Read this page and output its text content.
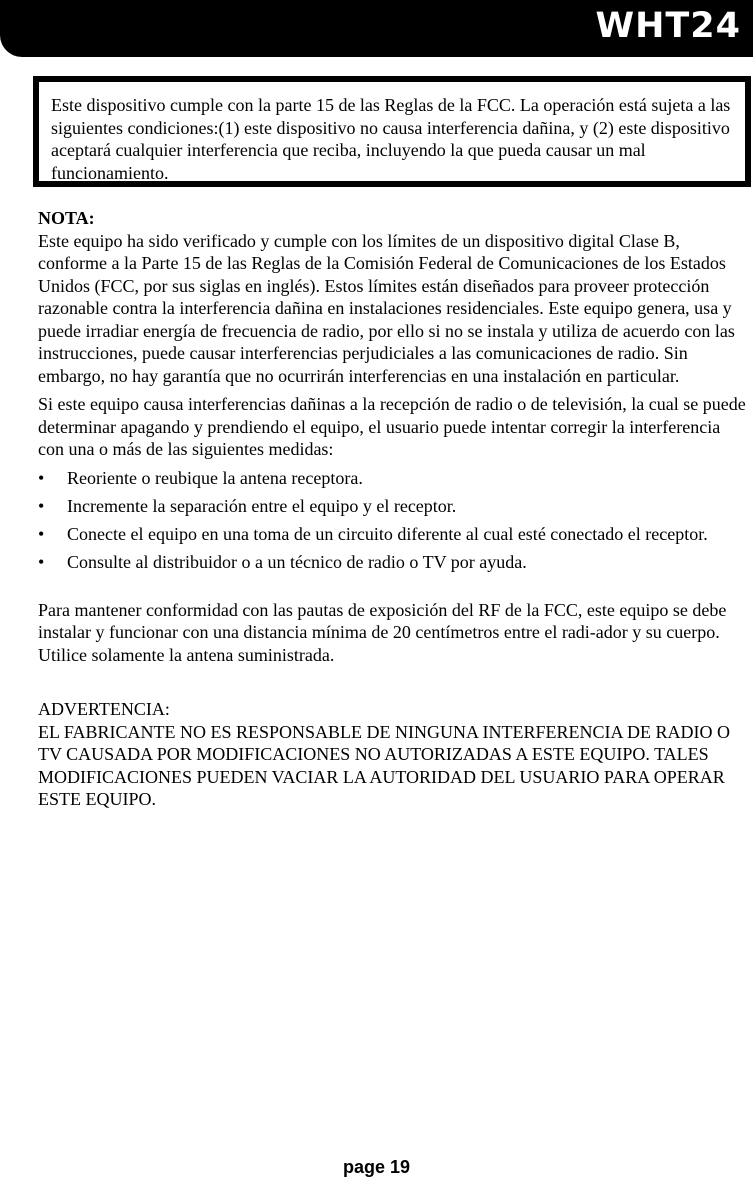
WHT24

Este dispositivo cumple con la parte 15 de las Reglas de la FCC. La operación está sujeta a las siguientes condiciones:(1) este dispositivo no causa interferencia dañina, y (2) este dispositivo aceptará cualquier interferencia que reciba, incluyendo la que pueda causar un mal funcionamiento.

NOTA:

Este equipo ha sido verificado y cumple con los límites de un dispositivo digital Clase B, conforme a la Parte 15 de las Reglas de la Comisión Federal de Comunicaciones de los Estados Unidos (FCC, por sus siglas en inglés). Estos límites están diseñados para proveer protección razonable contra la interferencia dañina en instalaciones residenciales. Este equipo genera, usa y puede irradiar energía de frecuencia de radio, por ello si no se instala y utiliza de acuerdo con las instrucciones, puede causar interferencias perjudiciales a las comunicaciones de radio. Sin embargo, no hay garantía que no ocurrirán interferencias en una instalación en particular.

Si este equipo causa interferencias dañinas a la recepción de radio o de televisión, la cual se puede determinar apagando y prendiendo el equipo, el usuario puede intentar corregir la interferencia con una o más de las siguientes medidas:

• Reoriente o reubique la antena receptora.
• Incremente la separación entre el equipo y el receptor.
• Conecte el equipo en una toma de un circuito diferente al cual esté conectado el receptor.
• Consulte al distribuidor o a un técnico de radio o TV por ayuda.

Para mantener conformidad con las pautas de exposición del RF de la FCC, este equipo se debe instalar y funcionar con una distancia mínima de 20 centímetros entre el radi-ador y su cuerpo. Utilice solamente la antena suministrada.

ADVERTENCIA:

EL FABRICANTE NO ES RESPONSABLE DE NINGUNA INTERFERENCIA DE RADIO O TV CAUSADA POR MODIFICACIONES NO AUTORIZADAS A ESTE EQUIPO. TALES MODIFICACIONES PUEDEN VACIAR LA AUTORIDAD DEL USUARIO PARA OPERAR ESTE EQUIPO.

page 19
